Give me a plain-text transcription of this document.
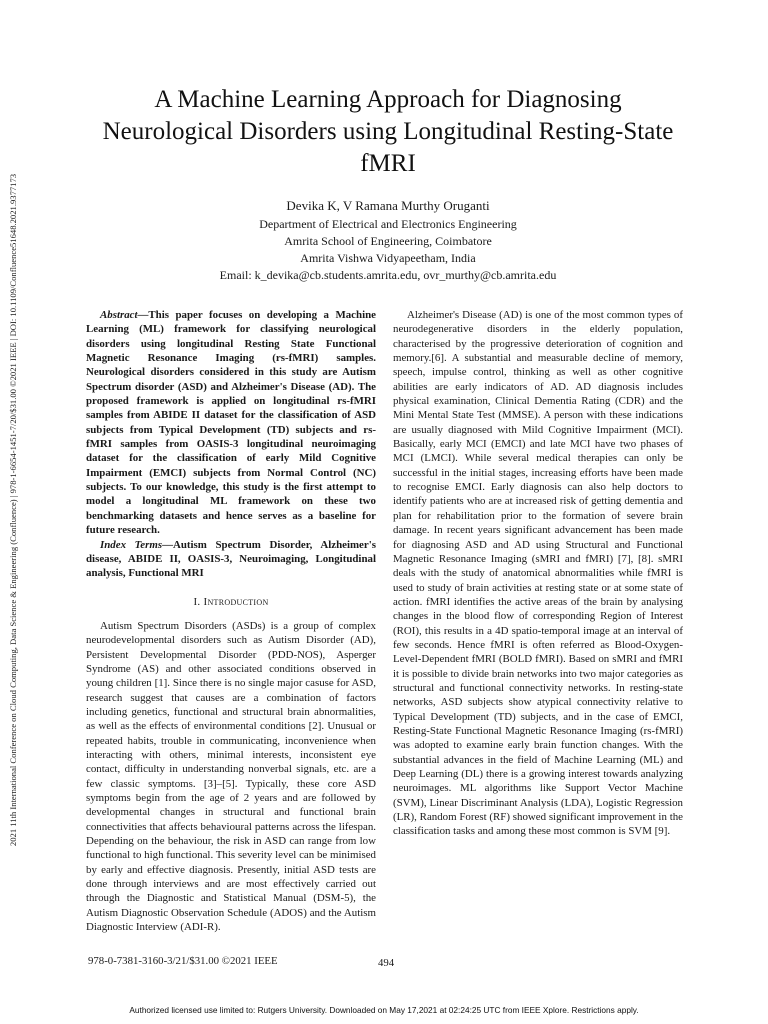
2021 11th International Conference on Cloud Computing, Data Science & Engineering (Confluence) | 978-1-6654-1451-7/20/$31.00 ©2021 IEEE | DOI: 10.1109/Confluence51648.2021.9377173
A Machine Learning Approach for Diagnosing Neurological Disorders using Longitudinal Resting-State fMRI
Devika K, V Ramana Murthy Oruganti
Department of Electrical and Electronics Engineering
Amrita School of Engineering, Coimbatore
Amrita Vishwa Vidyapeetham, India
Email: k_devika@cb.students.amrita.edu, ovr_murthy@cb.amrita.edu

Abstract—This paper focuses on developing a Machine Learning (ML) framework for classifying neurological disorders using longitudinal Resting State Functional Magnetic Resonance Imaging (rs-fMRI) samples. Neurological disorders considered in this study are Autism Spectrum disorder (ASD) and Alzheimer's Disease (AD). The proposed framework is applied on longitudinal rs-fMRI samples from ABIDE II dataset for the classification of ASD subjects from Typical Development (TD) subjects and rs-fMRI samples from OASIS-3 longitudinal neuroimaging dataset for the classification of early Mild Cognitive Impairment (EMCI) subjects from Normal Control (NC) subjects. To our knowledge, this study is the first attempt to model a longitudinal ML framework on these two benchmarking datasets and hence serves as a baseline for future research.

Index Terms—Autism Spectrum Disorder, Alzheimer's disease, ABIDE II, OASIS-3, Neuroimaging, Longitudinal analysis, Functional MRI

I. Introduction

Autism Spectrum Disorders (ASDs) is a group of complex neurodevelopmental disorders such as Autism Disorder (AD), Persistent Developmental Disorder (PDD-NOS), Asperger Syndrome (AS) and other associated conditions observed in young children [1]. Since there is no single major casuse for ASD, research suggest that causes are a combination of factors including genetics, functional and structural brain abnormalities, as well as the effects of environmental conditions [2]. Unusual or repeated habits, trouble in communicating, inconvenience when interacting with others, minimal interests, inconsistent eye contact, difficulty in understanding nonverbal signals, etc. are a few classic symptoms. [3]–[5]. Typically, these core ASD symptoms begin from the age of 2 years and are followed by developmental changes in structural and functional brain connectivities that affects behavioural patterns across the lifespan. Depending on the behaviour, the risk in ASD can range from low functional to high functional. This severity level can be minimised by early and effective diagnosis. Presently, initial ASD tests are done through interviews and are most effectively carried out through the Diagnostic and Statistical Manual (DSM-5), the Autism Diagnostic Observation Schedule (ADOS) and the Autism Diagnostic Interview (ADI-R).

Alzheimer's Disease (AD) is one of the most common types of neurodegenerative disorders in the elderly population, characterised by the progressive deterioration of cognition and memory.[6]. A substantial and measurable decline of memory, speech, impulse control, thinking as well as other cognitive abilities are early indicators of AD. AD diagnosis includes physical examination, Clinical Dementia Rating (CDR) and the Mini Mental State Test (MMSE). A person with these indications are usually diagnosed with Mild Cognitive Impairment (MCI). Basically, early MCI (EMCI) and late MCI have two phases of MCI (LMCI). While several medical therapies can only be successful in the initial stages, increasing efforts have been made to recognise EMCI. Early diagnosis can also help doctors to identify patients who are at increased risk of getting dementia and plan for rehabilitation prior to the formation of severe brain damage. In recent years significant advancement has been made for diagnosing ASD and AD using Structural and Functional Magnetic Resonance Imaging (sMRI and fMRI) [7], [8]. sMRI deals with the study of anatomical abnormalities while fMRI is used to study of brain activities at resting state or at some state of action. fMRI identifies the active areas of the brain by analysing changes in the blood flow of corresponding Region of Interest (ROI), this results in a 4D spatio-temporal image at an interval of few seconds. Hence fMRI is often referred as Blood-Oxygen-Level-Dependent fMRI (BOLD fMRI). Based on sMRI and fMRI it is possible to divide brain networks into two major categories as structural and functional connectivity networks. In resting-state networks, ASD subjects show atypical connectivity relative to Typical Development (TD) subjects, and in the case of EMCI, Resting-State Functional Magnetic Resonance Imaging (rs-fMRI) was adopted to examine early brain function changes. With the substantial advances in the field of Machine Learning (ML) and Deep Learning (DL) there is a growing interest towards analyzing neuroimages. ML algorithms like Support Vector Machine (SVM), Linear Discriminant Analysis (LDA), Logistic Regression (LR), Random Forest (RF) showed significant improvement in the classification tasks and among these most common is SVM [9].

978-0-7381-3160-3/21/$31.00 ©2021 IEEE	494
Authorized licensed use limited to: Rutgers University. Downloaded on May 17,2021 at 02:24:25 UTC from IEEE Xplore. Restrictions apply.
